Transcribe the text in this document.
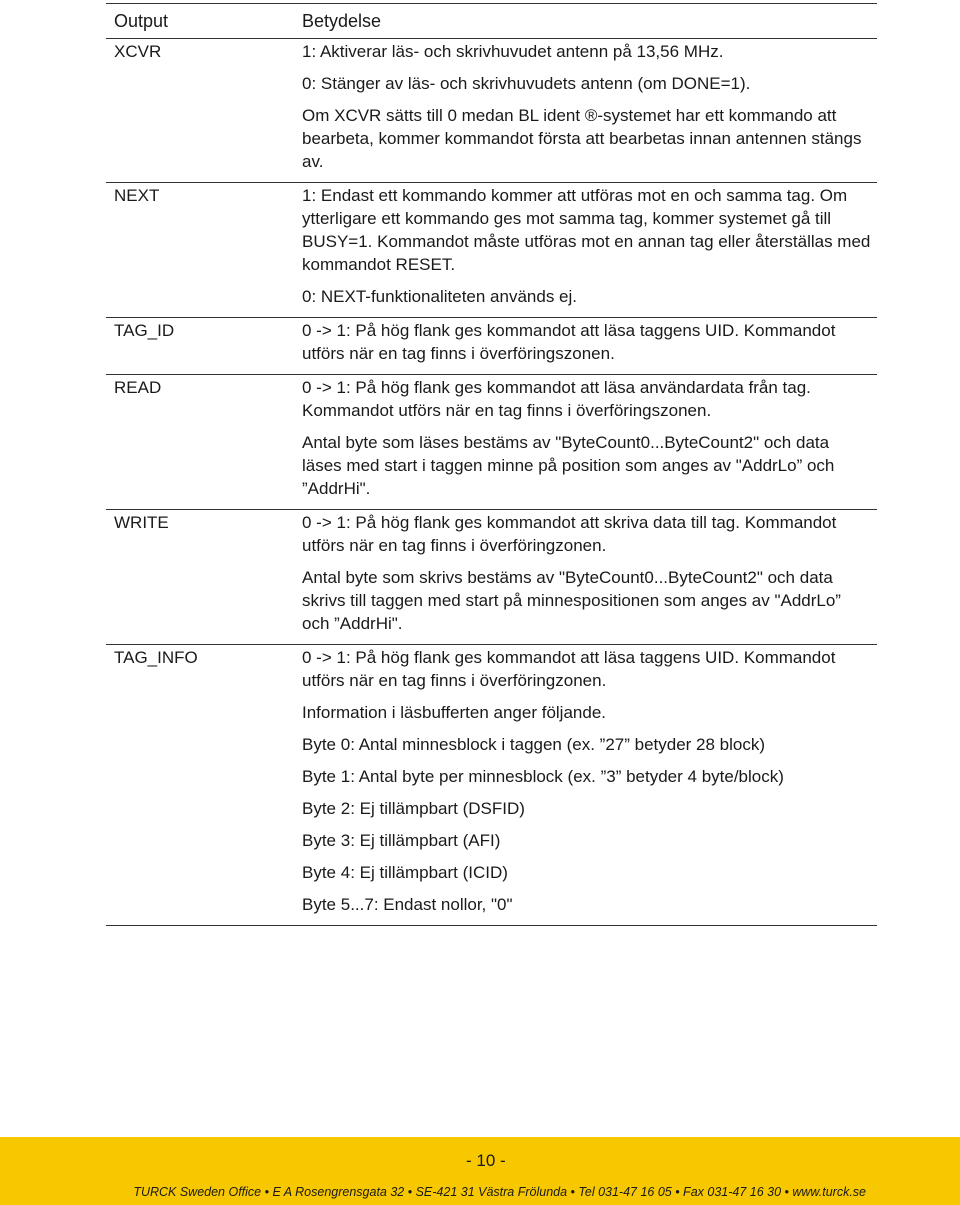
Output	Betydelse

XCVR	1: Aktiverar läs- och skrivhuvudet antenn på 13,56 MHz.

0: Stänger av läs- och skrivhuvudets antenn (om DONE=1).

Om XCVR sätts till 0 medan BL ident ®-systemet har ett kommando att bearbeta, kommer kommandot första att bearbetas innan antennen stängs av.

NEXT	1: Endast ett kommando kommer att utföras mot en och samma tag. Om ytterligare ett kommando ges mot samma tag, kommer systemet gå till BUSY=1. Kommandot måste utföras mot en annan tag eller återställas med kommandot RESET.

0: NEXT-funktionaliteten används ej.

TAG_ID	0 -> 1: På hög flank ges kommandot att läsa taggens UID. Kommandot utförs när en tag finns i överföringszonen.

READ	0 -> 1: På hög flank ges kommandot att läsa användardata från tag. Kommandot utförs när en tag finns i överföringszonen.

Antal byte som läses bestäms av "ByteCount0...ByteCount2" och data läses med start i taggen minne på position som anges av "AddrLo” och ”AddrHi".

WRITE	0 -> 1: På hög flank ges kommandot att skriva data till tag. Kommandot utförs när en tag finns i överföringzonen.

Antal byte som skrivs bestäms av "ByteCount0...ByteCount2" och data skrivs till taggen med start på minnespositionen som anges av "AddrLo” och ”AddrHi".

TAG_INFO	0 -> 1: På hög flank ges kommandot att läsa taggens UID. Kommandot utförs när en tag finns i överföringzonen.

Information i läsbufferten anger följande.

Byte 0: Antal minnesblock i taggen (ex. ”27” betyder 28 block)

Byte 1: Antal byte per minnesblock (ex. ”3” betyder 4 byte/block)

Byte 2: Ej tillämpbart (DSFID)

Byte 3: Ej tillämpbart (AFI)

Byte 4: Ej tillämpbart (ICID)

Byte 5...7: Endast nollor, "0"

- 10 -
TURCK Sweden Office • E A Rosengrensgata 32 • SE-421 31 Västra Frölunda • Tel 031-47 16 05 • Fax 031-47 16 30 • www.turck.se
